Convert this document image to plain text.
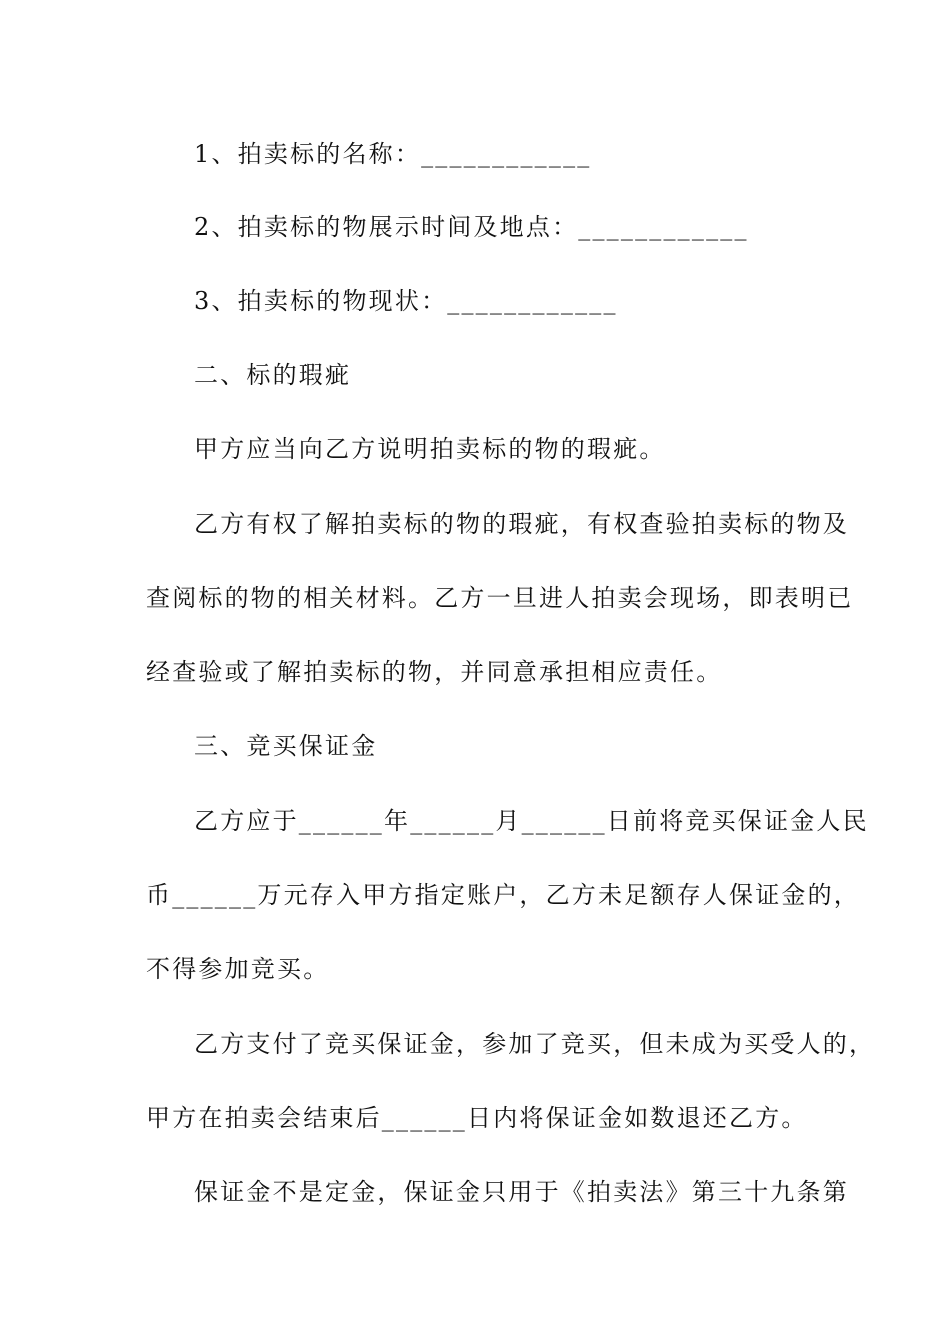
1、拍卖标的名称：____________
2、拍卖标的物展示时间及地点：____________
3、拍卖标的物现状：____________
二、标的瑕疵
甲方应当向乙方说明拍卖标的物的瑕疵。
乙方有权了解拍卖标的物的瑕疵，有权查验拍卖标的物及
查阅标的物的相关材料。乙方一旦进人拍卖会现场，即表明已
经查验或了解拍卖标的物，并同意承担相应责任。
三、竞买保证金
乙方应于______年______月______日前将竞买保证金人民
币______万元存入甲方指定账户，乙方未足额存人保证金的，
不得参加竞买。
乙方支付了竞买保证金，参加了竞买，但未成为买受人的，
甲方在拍卖会结束后______日内将保证金如数退还乙方。
保证金不是定金，保证金只用于《拍卖法》第三十九条第
